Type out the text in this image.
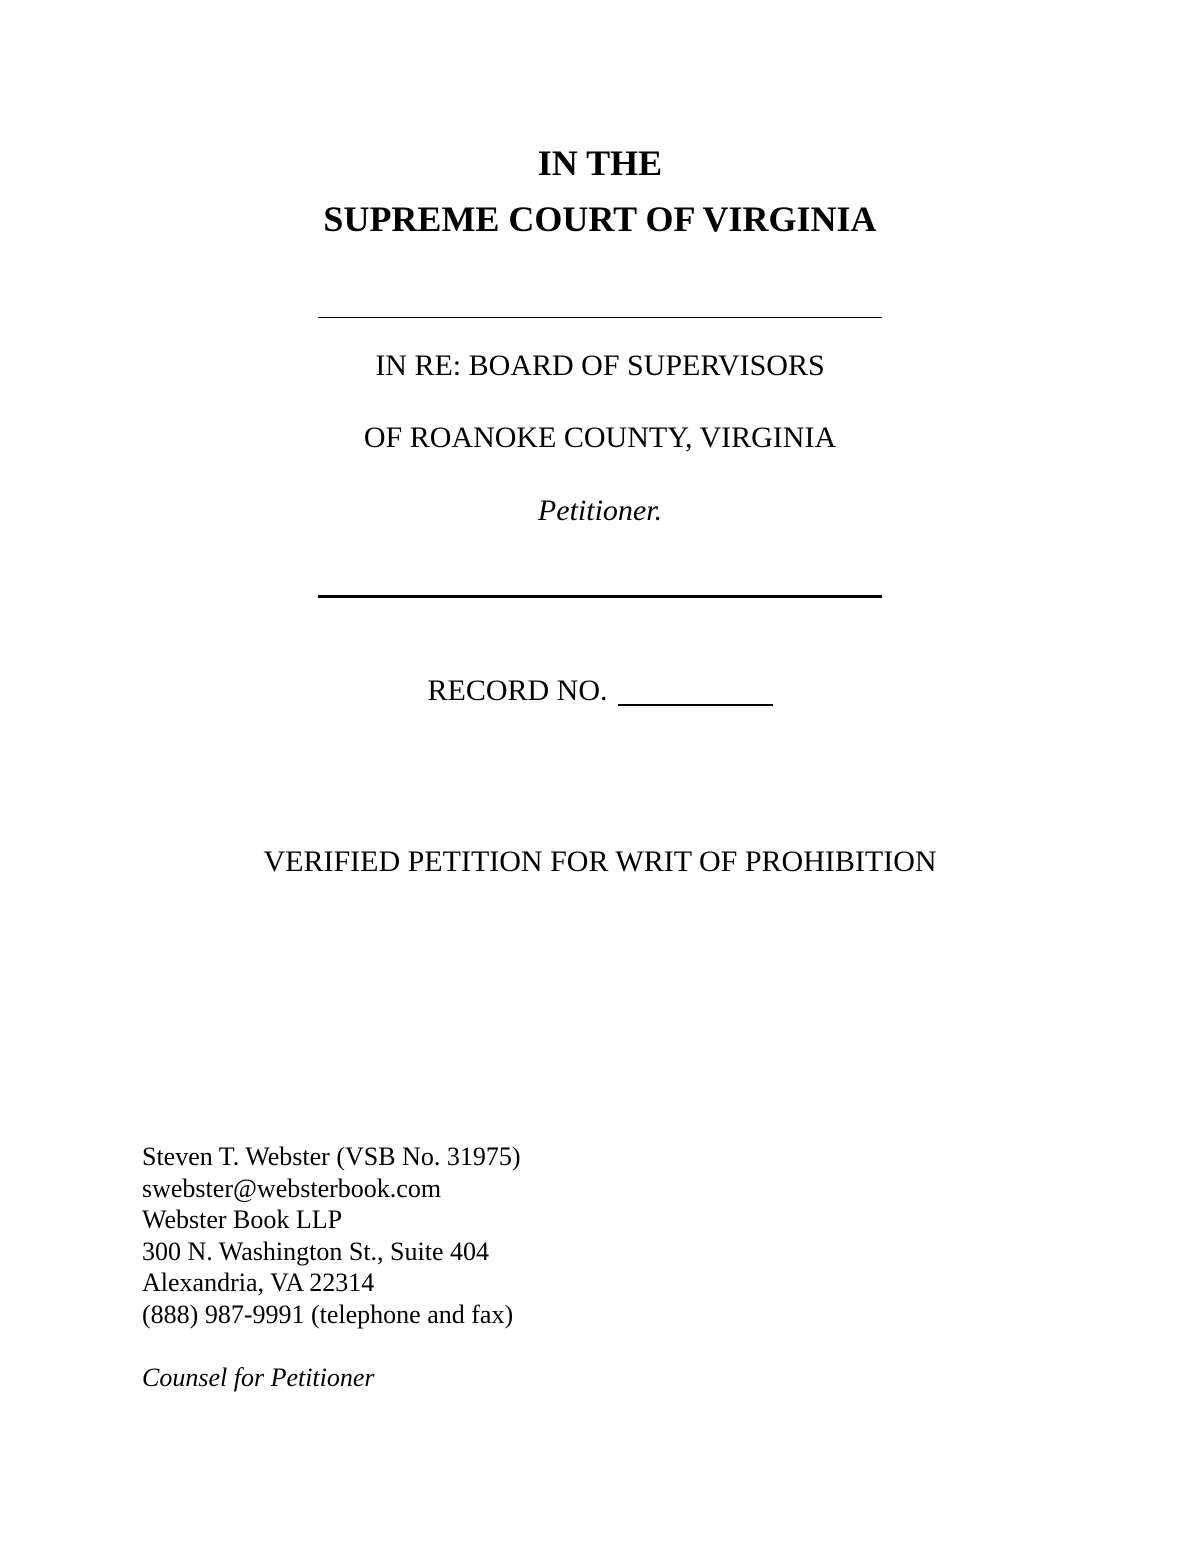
IN THE
SUPREME COURT OF VIRGINIA
IN RE: BOARD OF SUPERVISORS
OF ROANOKE COUNTY, VIRGINIA
Petitioner.
RECORD NO.
VERIFIED PETITION FOR WRIT OF PROHIBITION
Steven T. Webster (VSB No. 31975)
swebster@websterbook.com
Webster Book LLP
300 N. Washington St., Suite 404
Alexandria, VA 22314
(888) 987-9991 (telephone and fax)
Counsel for Petitioner
